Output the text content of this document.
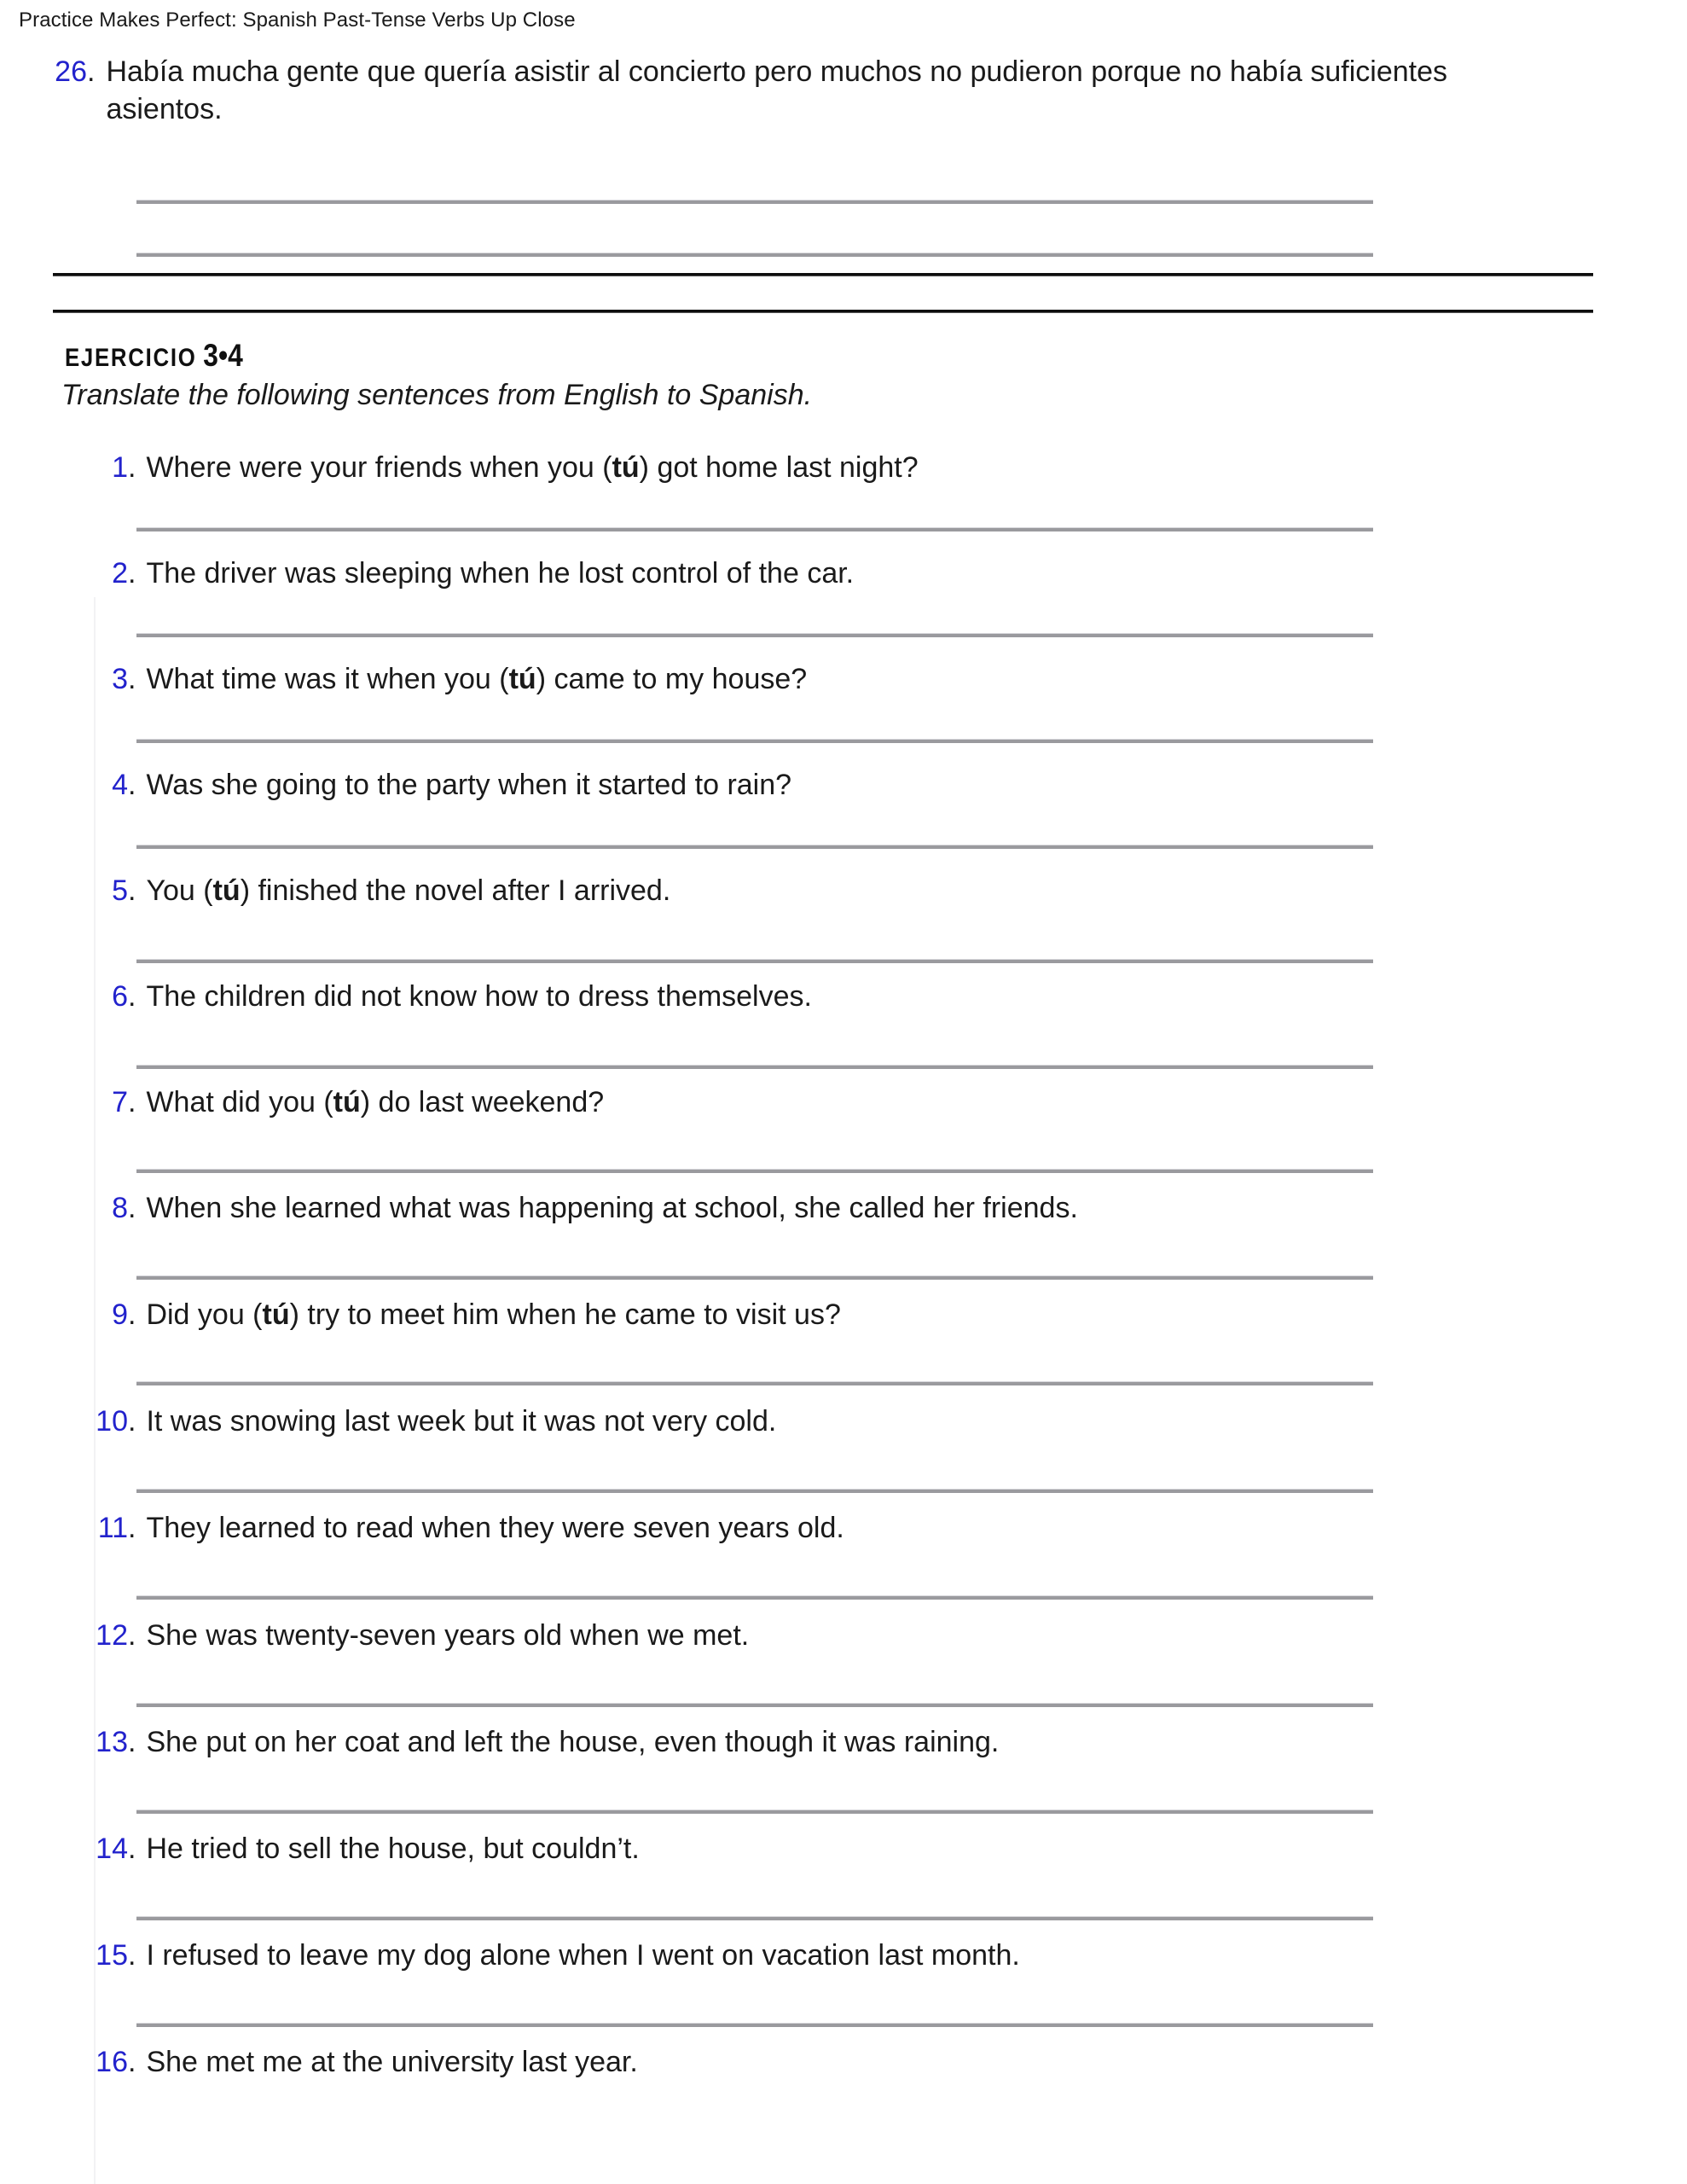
Practice Makes Perfect: Spanish Past-Tense Verbs Up Close
26 . Había mucha gente que quería asistir al concierto pero muchos no pudieron porque no había suficientes asientos.
EJERCICIO 3•4
Translate the following sentences from English to Spanish.
1 . Where were your friends when you (tú) got home last night?
2 . The driver was sleeping when he lost control of the car.
3 . What time was it when you (tú) came to my house?
4 . Was she going to the party when it started to rain?
5 . You (tú) finished the novel after I arrived.
6 . The children did not know how to dress themselves.
7 . What did you (tú) do last weekend?
8 . When she learned what was happening at school, she called her friends.
9 . Did you (tú) try to meet him when he came to visit us?
10 . It was snowing last week but it was not very cold.
11 . They learned to read when they were seven years old.
12 . She was twenty-seven years old when we met.
13 . She put on her coat and left the house, even though it was raining.
14 . He tried to sell the house, but couldn’t.
15 . I refused to leave my dog alone when I went on vacation last month.
16 . She met me at the university last year.
